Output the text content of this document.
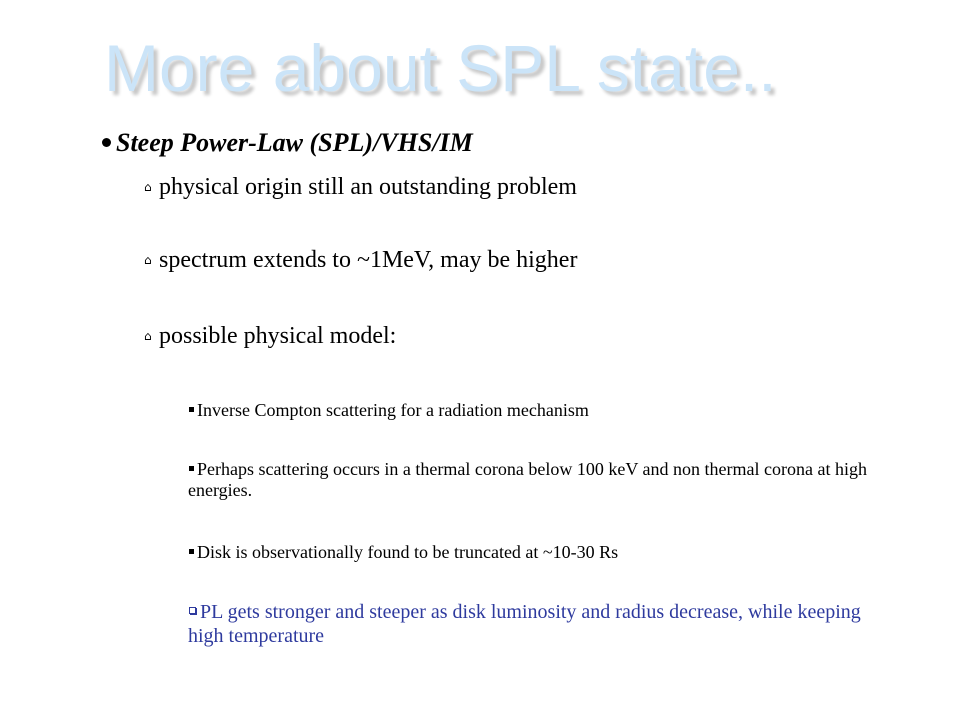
More about SPL state..
Steep Power-Law (SPL)/VHS/IM
⌂ physical origin still an outstanding problem
⌂ spectrum extends to ~1MeV, may be higher
⌂ possible physical model:
Inverse Compton scattering for a radiation mechanism
Perhaps scattering occurs in a thermal corona below 100 keV and non thermal corona at high energies.
Disk is observationally found to be truncated at ~10-30 Rs
PL gets stronger and steeper as disk luminosity and radius decrease, while keeping high temperature
